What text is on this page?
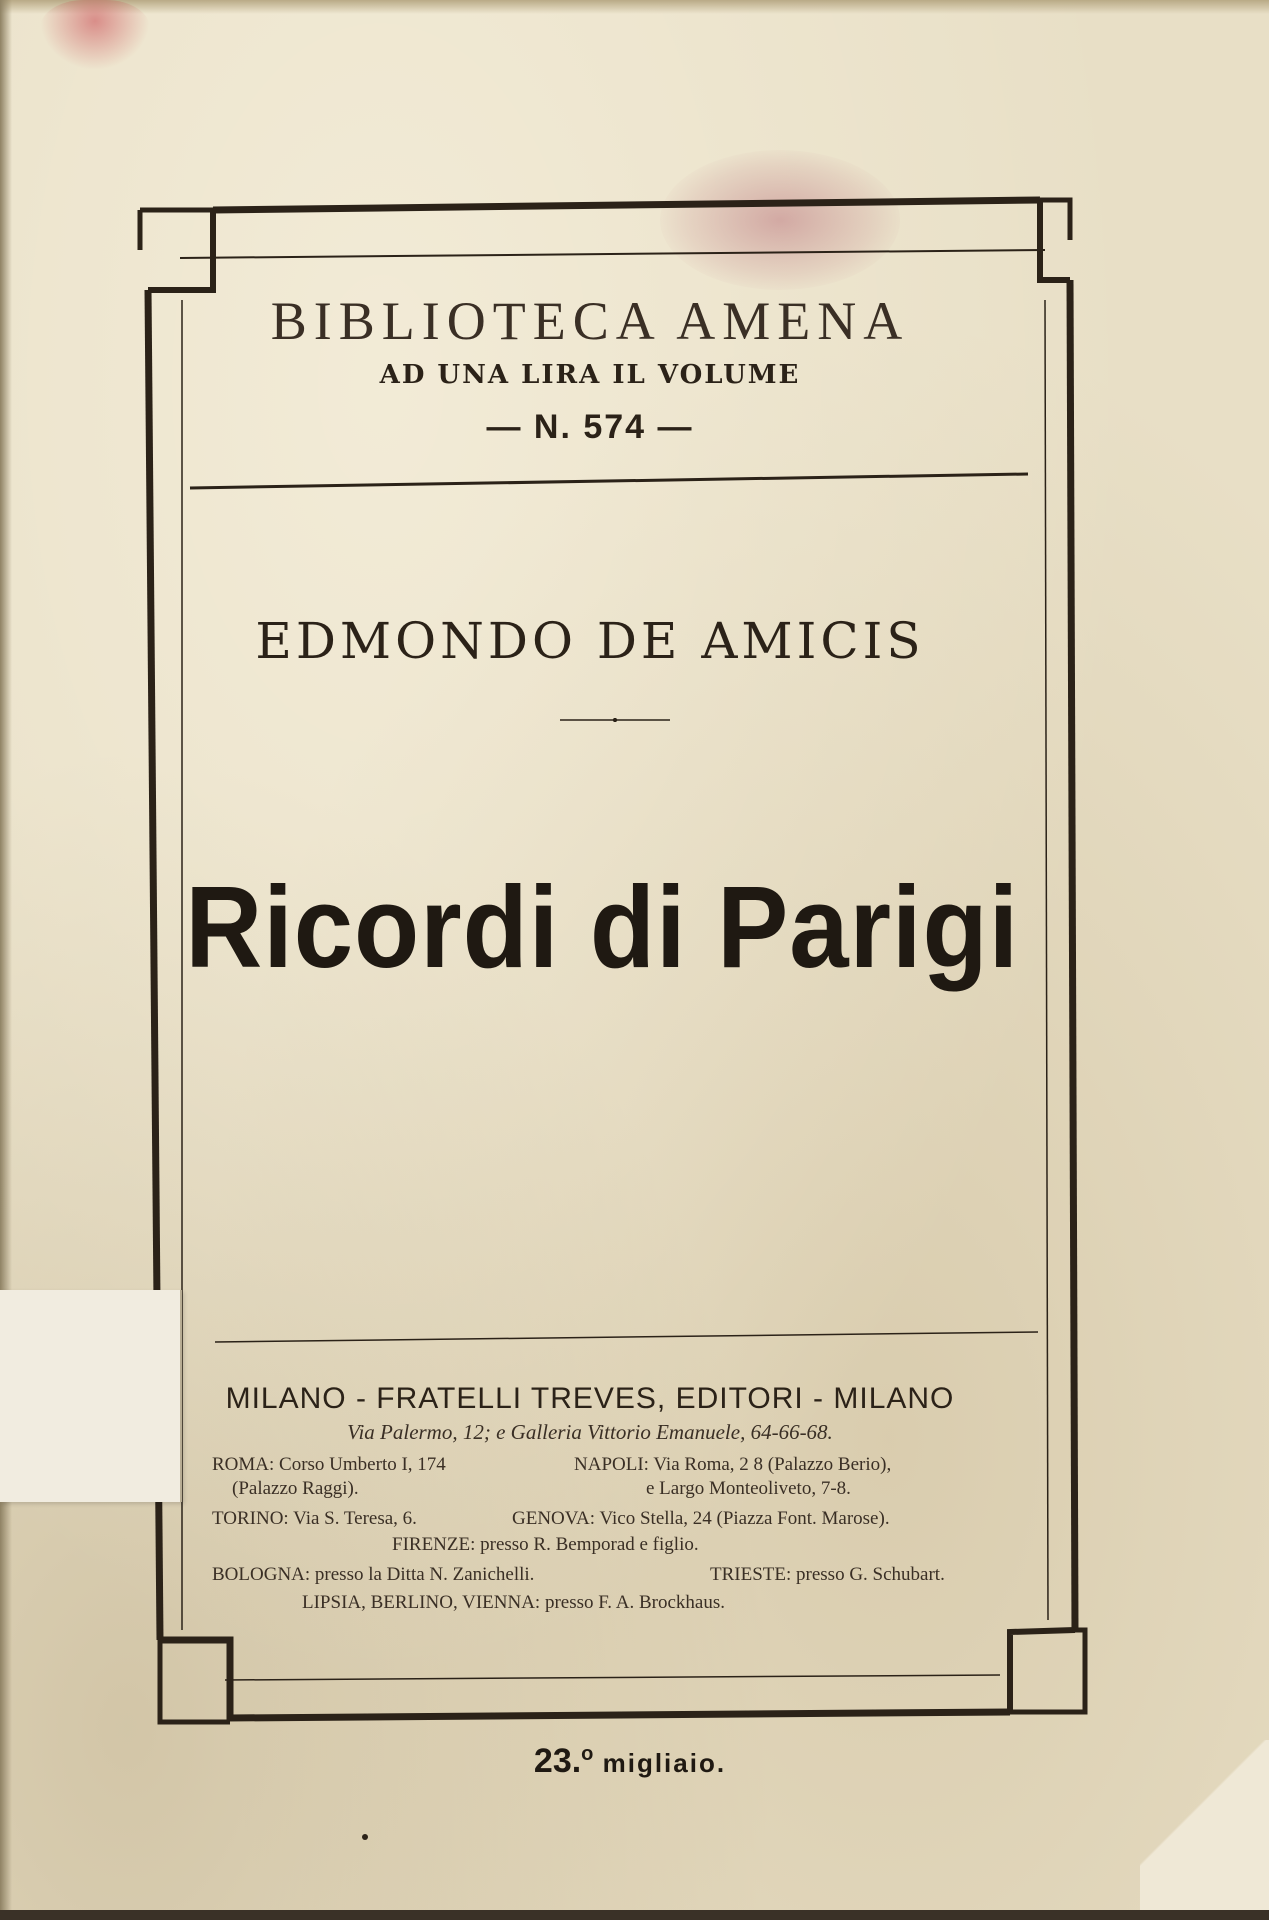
BIBLIOTECA AMENA
AD UNA LIRA IL VOLUME
— N. 574 —
EDMONDO DE AMICIS
Ricordi di Parigi
MILANO - FRATELLI TREVES, EDITORI - MILANO
Via Palermo, 12; e Galleria Vittorio Emanuele, 64-66-68.
ROMA: Corso Umberto I, 174
(Palazzo Raggi).
NAPOLI: Via Roma, 2 8 (Palazzo Berio),
e Largo Monteoliveto, 7-8.
TORINO: Via S. Teresa, 6.	GENOVA: Vico Stella, 24 (Piazza Font. Marose).
FIRENZE: presso R. Bemporad e figlio.
BOLOGNA: presso la Ditta N. Zanichelli.	TRIESTE: presso G. Schubart.
LIPSIA, BERLINO, VIENNA: presso F. A. Brockhaus.
23.o migliaio.
